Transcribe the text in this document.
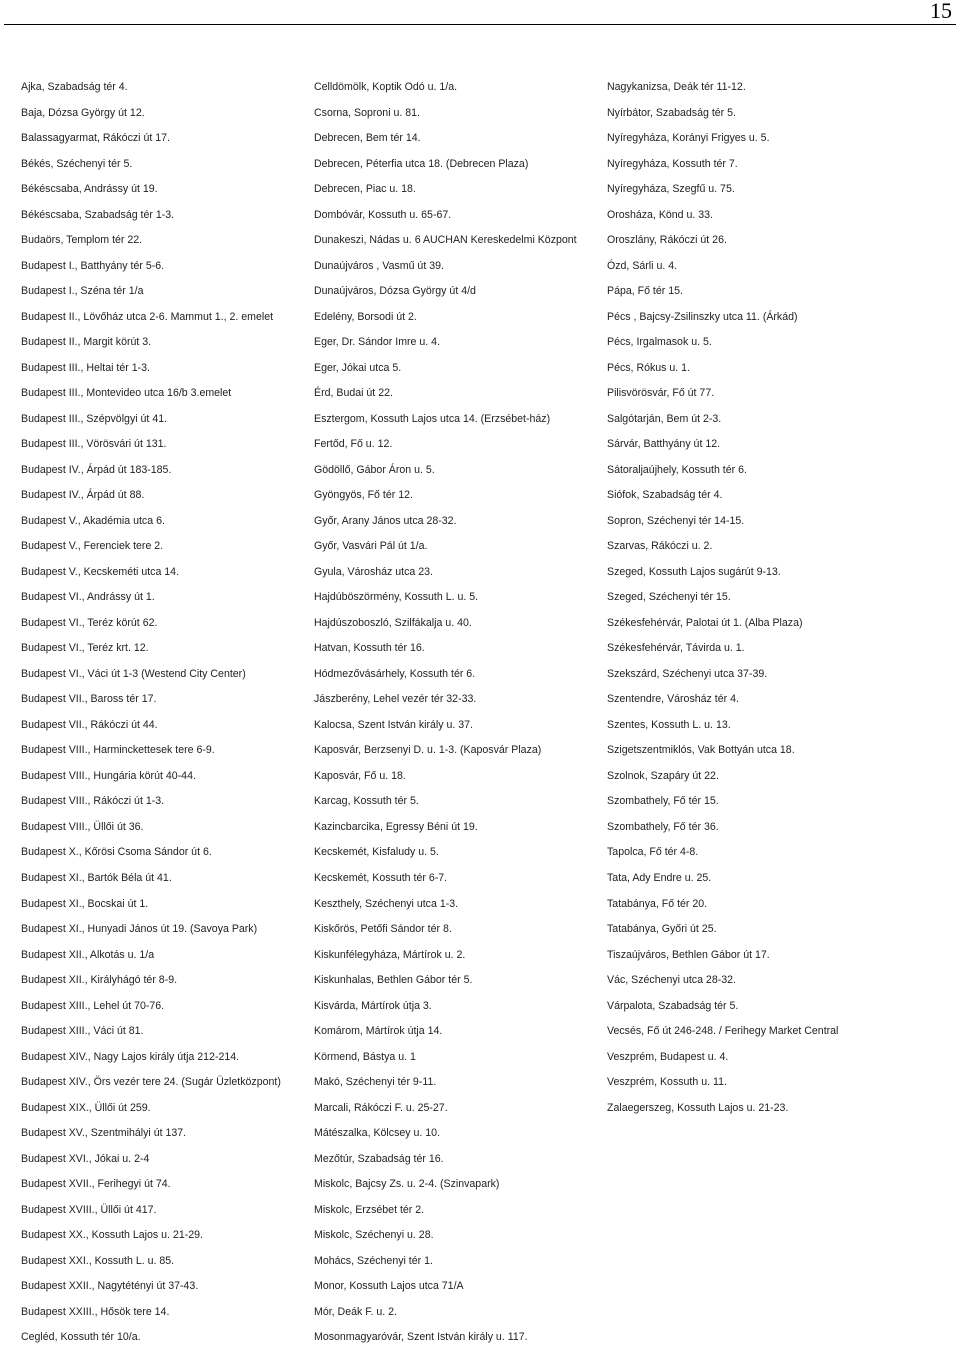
15
Ajka, Szabadság tér 4.
Baja, Dózsa György út 12.
Balassagyarmat, Rákóczi út 17.
Békés, Széchenyi tér 5.
Békéscsaba, Andrássy út 19.
Békéscsaba, Szabadság tér 1-3.
Budaörs, Templom tér 22.
Budapest I., Batthyány tér 5-6.
Budapest I., Széna tér 1/a
Budapest II., Lövőház utca 2-6. Mammut 1., 2. emelet
Budapest II., Margit körút 3.
Budapest III., Heltai tér 1-3.
Budapest III., Montevideo utca 16/b 3.emelet
Budapest III., Szépvölgyi út 41.
Budapest III., Vörösvári út 131.
Budapest IV., Árpád út 183-185.
Budapest IV., Árpád út 88.
Budapest V., Akadémia utca 6.
Budapest V., Ferenciek tere 2.
Budapest V., Kecskeméti utca 14.
Budapest VI., Andrássy út 1.
Budapest VI., Teréz körút 62.
Budapest VI., Teréz krt. 12.
Budapest VI., Váci út 1-3 (Westend City Center)
Budapest VII., Baross tér 17.
Budapest VII., Rákóczi út 44.
Budapest VIII., Harminckettesek tere 6-9.
Budapest VIII., Hungária körút 40-44.
Budapest VIII., Rákóczi út 1-3.
Budapest VIII., Üllői út 36.
Budapest X., Kőrösi Csoma Sándor út 6.
Budapest XI., Bartók Béla út 41.
Budapest XI., Bocskai út 1.
Budapest XI., Hunyadi János út 19. (Savoya Park)
Budapest XII., Alkotás u. 1/a
Budapest XII., Királyhágó tér 8-9.
Budapest XIII., Lehel út 70-76.
Budapest XIII., Váci út 81.
Budapest XIV., Nagy Lajos király útja 212-214.
Budapest XIV., Örs vezér tere 24. (Sugár Üzletközpont)
Budapest XIX., Üllői út 259.
Budapest XV., Szentmihályi út 137.
Budapest XVI., Jókai u. 2-4
Budapest XVII., Ferihegyi út 74.
Budapest XVIII., Üllői út 417.
Budapest XX., Kossuth Lajos u. 21-29.
Budapest XXI., Kossuth L. u. 85.
Budapest XXII., Nagytétényi út 37-43.
Budapest XXIII., Hősök tere 14.
Cegléd, Kossuth tér 10/a.
Celldömölk, Koptik Odó u. 1/a.
Csorna, Soproni u. 81.
Debrecen, Bem tér 14.
Debrecen, Péterfia utca 18. (Debrecen Plaza)
Debrecen, Piac u. 18.
Dombóvár, Kossuth u. 65-67.
Dunakeszi, Nádas u. 6 AUCHAN Kereskedelmi Központ
Dunaújváros , Vasmű út 39.
Dunaújváros, Dózsa György út 4/d
Edelény, Borsodi út 2.
Eger, Dr. Sándor Imre u. 4.
Eger, Jókai utca 5.
Érd, Budai út 22.
Esztergom, Kossuth Lajos utca 14. (Erzsébet-ház)
Fertőd, Fő u. 12.
Gödöllő, Gábor Áron u. 5.
Gyöngyös, Fő tér 12.
Győr, Arany János utca 28-32.
Győr, Vasvári Pál út 1/a.
Gyula, Városház utca 23.
Hajdúböszörmény, Kossuth L. u. 5.
Hajdúszoboszló, Szilfákalja u. 40.
Hatvan, Kossuth tér 16.
Hódmezővásárhely, Kossuth tér 6.
Jászberény, Lehel vezér tér 32-33.
Kalocsa, Szent István király u. 37.
Kaposvár, Berzsenyi D. u. 1-3. (Kaposvár Plaza)
Kaposvár, Fő u. 18.
Karcag, Kossuth tér 5.
Kazincbarcika, Egressy Béni út 19.
Kecskemét, Kisfaludy u. 5.
Kecskemét, Kossuth tér 6-7.
Keszthely, Széchenyi utca 1-3.
Kiskőrös, Petőfi Sándor tér 8.
Kiskunfélegyháza, Mártírok u. 2.
Kiskunhalas, Bethlen Gábor tér 5.
Kisvárda, Mártírok útja 3.
Komárom, Mártírok útja 14.
Körmend, Bástya u. 1
Makó, Széchenyi tér 9-11.
Marcali, Rákóczi F. u. 25-27.
Mátészalka, Kölcsey u. 10.
Mezőtúr, Szabadság tér 16.
Miskolc, Bajcsy Zs. u. 2-4. (Szinvapark)
Miskolc, Erzsébet tér 2.
Miskolc, Széchenyi u. 28.
Mohács, Széchenyi tér 1.
Monor, Kossuth Lajos utca 71/A
Mór, Deák F. u. 2.
Mosonmagyaróvár, Szent István király u. 117.
Nagykanizsa, Deák tér 11-12.
Nyírbátor, Szabadság tér 5.
Nyíregyháza, Korányi Frigyes u. 5.
Nyíregyháza, Kossuth tér 7.
Nyíregyháza, Szegfű u. 75.
Orosháza, Könd u. 33.
Oroszlány, Rákóczi út 26.
Ózd, Sárli u. 4.
Pápa, Fő tér 15.
Pécs , Bajcsy-Zsilinszky utca 11. (Árkád)
Pécs, Irgalmasok u. 5.
Pécs, Rókus u. 1.
Pilisvörösvár, Fő út 77.
Salgótarján, Bem út 2-3.
Sárvár, Batthyány út 12.
Sátoraljaújhely, Kossuth tér 6.
Siófok, Szabadság tér 4.
Sopron, Széchenyi tér 14-15.
Szarvas, Rákóczi u. 2.
Szeged, Kossuth Lajos sugárút 9-13.
Szeged, Széchenyi tér 15.
Székesfehérvár, Palotai út 1. (Alba Plaza)
Székesfehérvár, Távirda u. 1.
Szekszárd, Széchenyi utca 37-39.
Szentendre, Városház tér 4.
Szentes, Kossuth L. u. 13.
Szigetszentmiklós, Vak Bottyán utca 18.
Szolnok, Szapáry út 22.
Szombathely, Fő tér 15.
Szombathely, Fő tér 36.
Tapolca, Fő tér 4-8.
Tata, Ady Endre u. 25.
Tatabánya, Fő tér 20.
Tatabánya, Győri út 25.
Tiszaújváros, Bethlen Gábor út 17.
Vác, Széchenyi utca 28-32.
Várpalota, Szabadság tér 5.
Vecsés, Fő út 246-248. / Ferihegy Market Central
Veszprém, Budapest u. 4.
Veszprém, Kossuth u. 11.
Zalaegerszeg, Kossuth Lajos u. 21-23.
